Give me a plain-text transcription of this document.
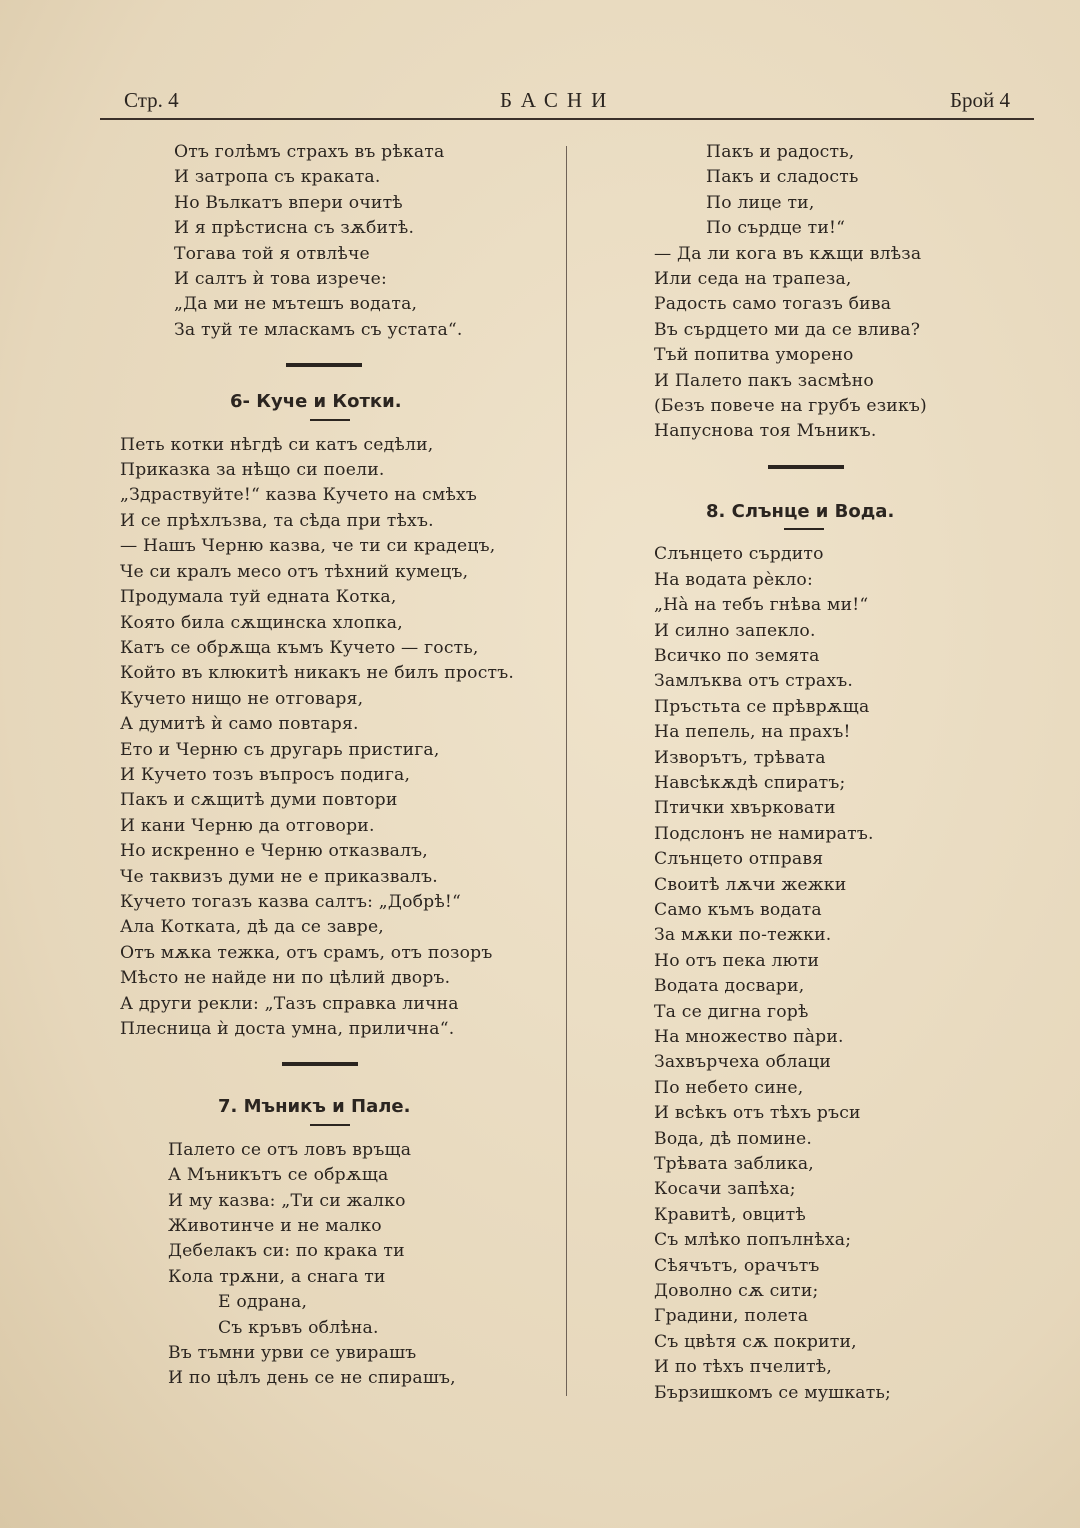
Стр. 4	БАСНИ	Брой 4
Отъ голѣмъ страхъ въ рѣката
И затропа съ краката.
Но Вълкатъ впери очитѣ
И я прѣстисна съ зѫбитѣ.
Тогава той я отвлѣче
И салтъ ѝ това изрече:
„Да ми не мътешъ водата,
За туй те мласкамъ съ устата“.
6- Куче и Котки.
Петь котки нѣгдѣ си катъ седѣли,
Приказка за нѣщо си поели.
„Здраствуйте!“ казва Кучето на смѣхъ
И се прѣхлъзва, та сѣда при тѣхъ.
— Нашъ Черню казва, че ти си крадецъ,
Че си кралъ месо отъ тѣхний кумецъ,
Продумала туй едната Котка,
Която била сѫщинска хлопка,
Катъ се обрѫща къмъ Кучето — гость,
Който въ клюкитѣ никакъ не билъ простъ.
Кучето нищо не отговаря,
А думитѣ ѝ само повтаря.
Ето и Черню съ другарь пристига,
И Кучето тозъ въпросъ подига,
Пакъ и сѫщитѣ думи повтори
И кани Черню да отговори.
Но искренно е Черню отказвалъ,
Че таквизъ думи не е приказвалъ.
Кучето тогазъ казва салтъ: „Добрѣ!“
Ала Котката, дѣ да се завре,
Отъ мѫка тежка, отъ срамъ, отъ позоръ
Мѣсто не найде ни по цѣлий дворъ.
А други рекли: „Тазъ справка лична
Плесница ѝ доста умна, прилична“.
7. Мъникъ и Пале.
Палето се отъ ловъ връща
А Мъникътъ се обрѫща
И му казва: „Ти си жалко
Животинче и не малко
Дебелакъ си: по крака ти
Кола трѫни, а снага ти
Е одрана,
Съ кръвъ облѣна.
Въ тъмни урви се увирашъ
И по цѣлъ день се не спирашъ,
Пакъ и радость,
Пакъ и сладость
По лице ти,
По сърдце ти!“
— Да ли кога въ кѫщи влѣза
Или седа на трапеза,
Радость само тогазъ бива
Въ сърдцето ми да се влива?
Тъй попитва уморено
И Палето пакъ засмѣно
(Безъ повече на грубъ езикъ)
Напусновa тоя Мъникъ.
8. Слънце и Вода.
Слънцето сърдито
На водата рѐкло:
„Нà на тебъ гнѣва ми!“
И силно запекло.
Всичко по земята
Замлъква отъ страхъ.
Пръстьта се прѣврѫща
На пепель, на прахъ!
Изворътъ, трѣвата
Навсѣкѫдѣ спиратъ;
Птички хвърковати
Подслонъ не намиратъ.
Слънцето отправя
Своитѣ лѫчи жежки
Само къмъ водата
За мѫки по-тежки.
Но отъ пека люти
Водата досвари,
Та се дигна горѣ
На множество пàри.
Захвърчеха облаци
По небето сине,
И всѣкъ отъ тѣхъ ръси
Вода, дѣ помине.
Трѣвата заблика,
Косачи запѣха;
Кравитѣ, овцитѣ
Съ млѣко попълнѣха;
Сѣячътъ, орачътъ
Доволно сѫ сити;
Градини, полета
Съ цвѣтя сѫ покрити,
И по тѣхъ пчелитѣ,
Бързишкомъ се мушкать;
